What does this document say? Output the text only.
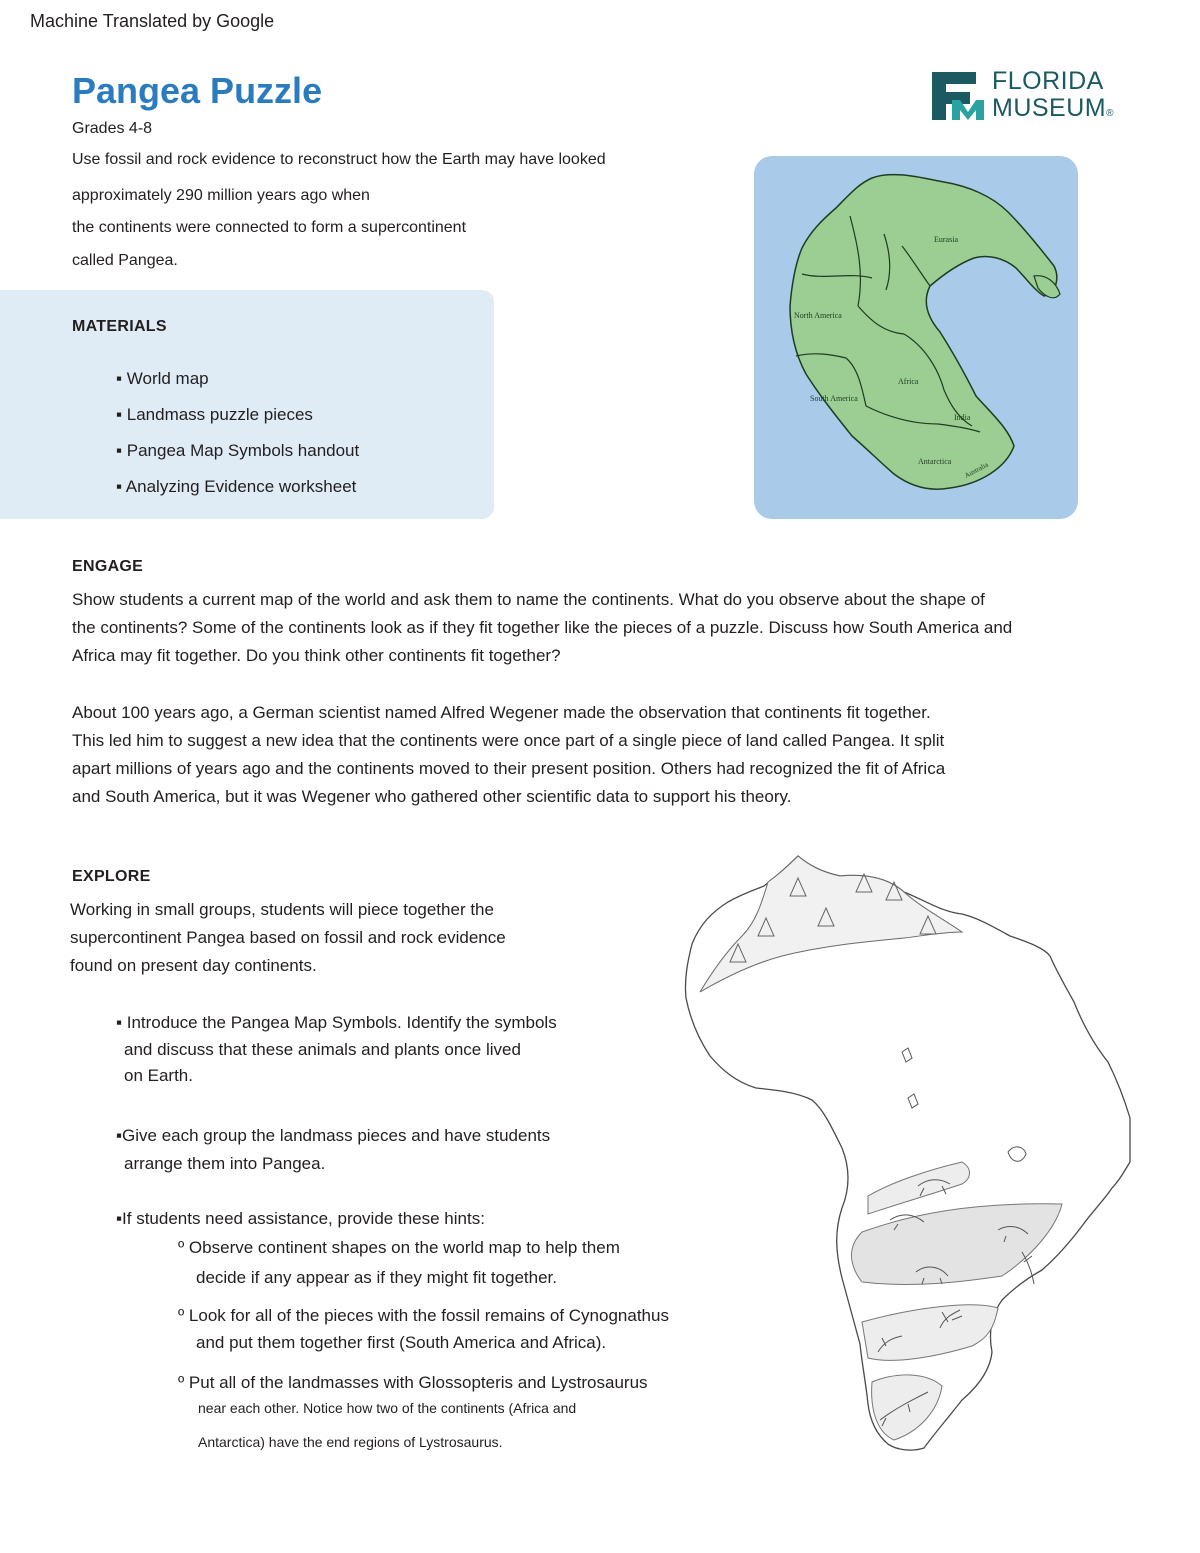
Machine Translated by Google
Pangea Puzzle
Grades 4-8
Use fossil and rock evidence to reconstruct how the Earth may have looked
approximately 290 million years ago when
the continents were connected to form a supercontinent
called Pangea.
FLORIDA
MUSEUM®
MATERIALS
▪ World map
▪ Landmass puzzle pieces
▪ Pangea Map Symbols handout
▪ Analyzing Evidence worksheet
Eurasia
North America
Africa
South America
India
Antarctica Australia
ENGAGE
Show students a current map of the world and ask them to name the continents. What do you observe about the shape of
the continents? Some of the continents look as if they fit together like the pieces of a puzzle. Discuss how South America and
Africa may fit together. Do you think other continents fit together?
About 100 years ago, a German scientist named Alfred Wegener made the observation that continents fit together.
This led him to suggest a new idea that the continents were once part of a single piece of land called Pangea. It split
apart millions of years ago and the continents moved to their present position. Others had recognized the fit of Africa
and South America, but it was Wegener who gathered other scientific data to support his theory.
EXPLORE
Working in small groups, students will piece together the
supercontinent Pangea based on fossil and rock evidence
found on present day continents.
▪ Introduce the Pangea Map Symbols. Identify the symbols
and discuss that these animals and plants once lived
on Earth.
▪Give each group the landmass pieces and have students
arrange them into Pangea.
▪If students need assistance, provide these hints:
º Observe continent shapes on the world map to help them
decide if any appear as if they might fit together.
º Look for all of the pieces with the fossil remains of Cynognathus
and put them together first (South America and Africa).
º Put all of the landmasses with Glossopteris and Lystrosaurus
near each other. Notice how two of the continents (Africa and
Antarctica) have the end regions of Lystrosaurus.
